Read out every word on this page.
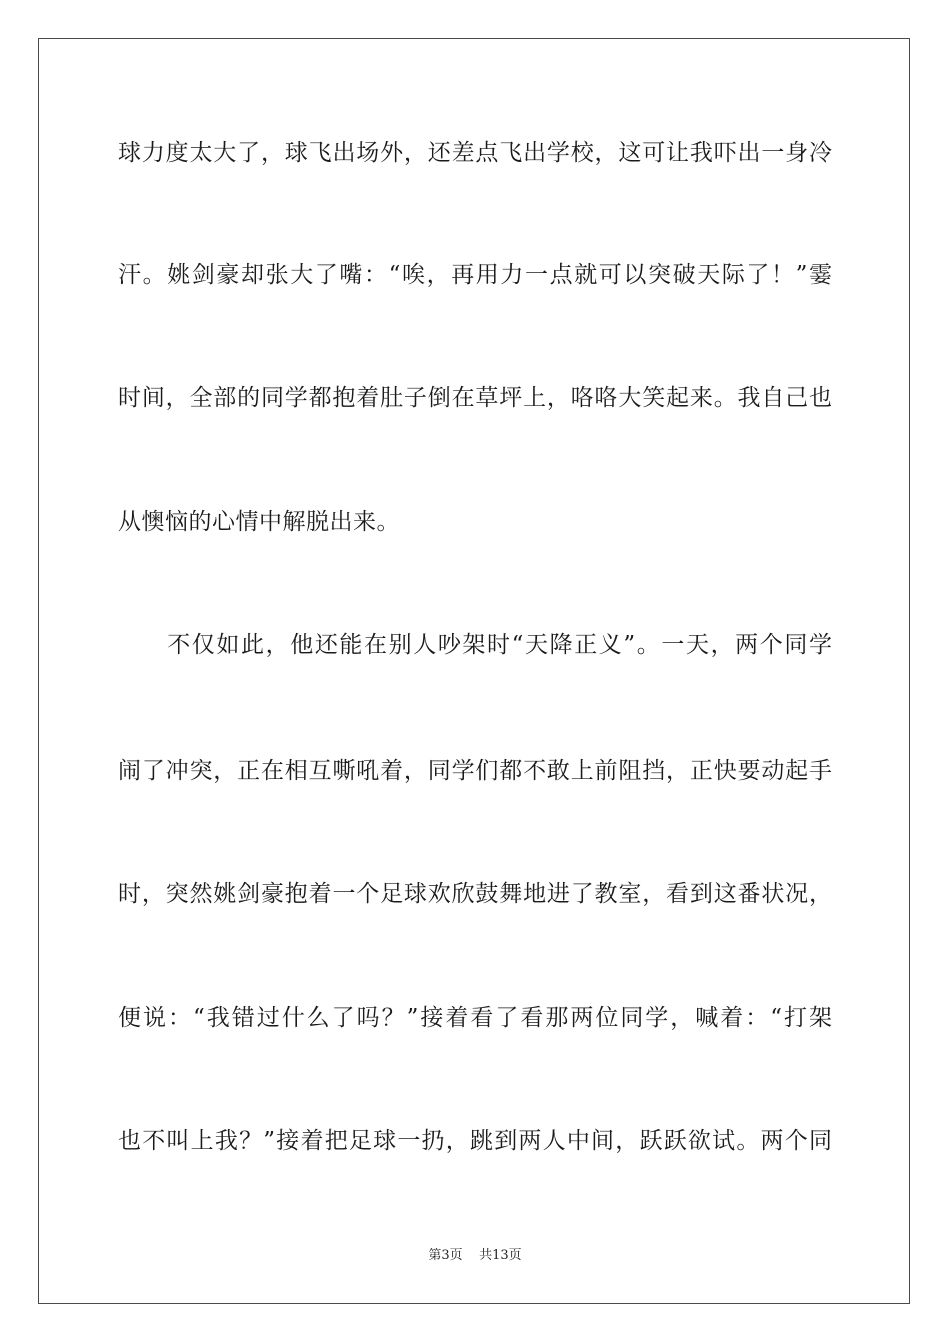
球力度太大了，球飞出场外，还差点飞出学校，这可让我吓出一身冷
汗。姚剑豪却张大了嘴：“唉，再用力一点就可以突破天际了！”霎
时间，全部的同学都抱着肚子倒在草坪上，咯咯大笑起来。我自己也
从懊恼的心情中解脱出来。
　　不仅如此，他还能在别人吵架时“天降正义”。一天，两个同学
闹了冲突，正在相互嘶吼着，同学们都不敢上前阻挡，正快要动起手
时，突然姚剑豪抱着一个足球欢欣鼓舞地进了教室，看到这番状况，
便说：“我错过什么了吗？”接着看了看那两位同学，喊着：“打架
也不叫上我？”接着把足球一扔，跳到两人中间，跃跃欲试。两个同
第3页 共13页
